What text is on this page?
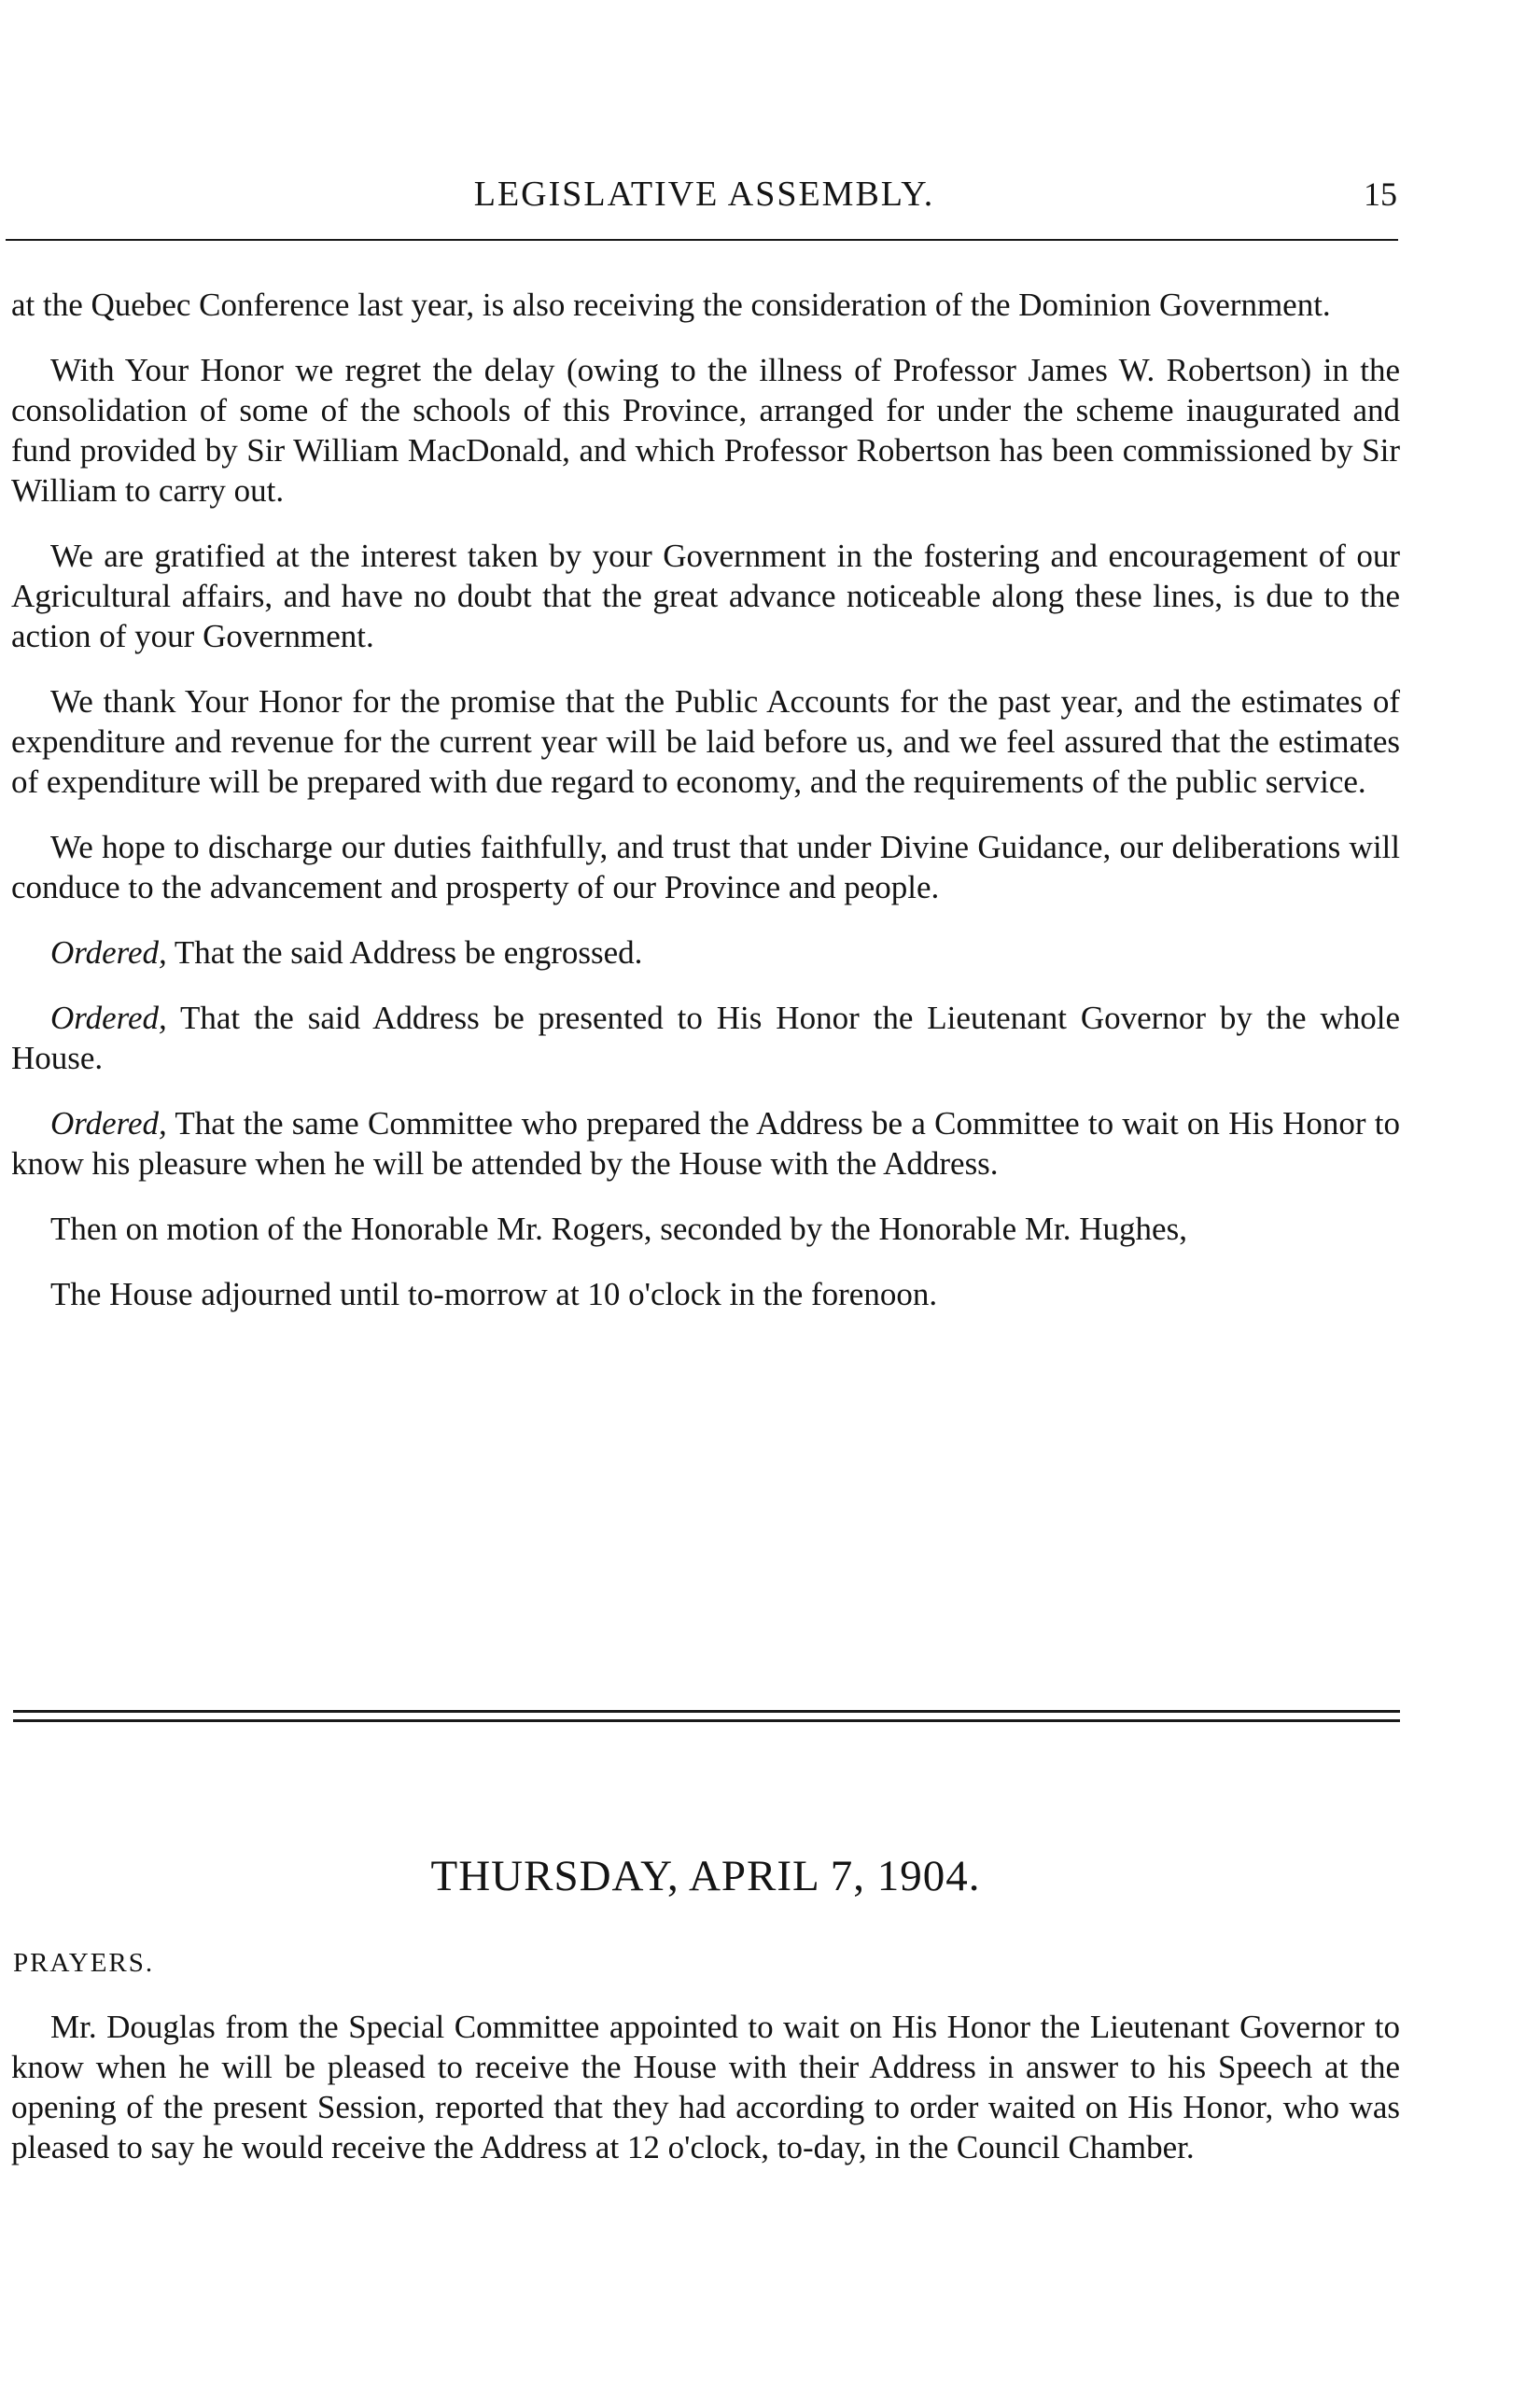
LEGISLATIVE ASSEMBLY.	15

at the Quebec Conference last year, is also receiving the consideration of the Dominion Government.

With Your Honor we regret the delay (owing to the illness of Professor James W. Robertson) in the consolidation of some of the schools of this Province, arranged for under the scheme inaugurated and fund provided by Sir William MacDonald, and which Professor Robertson has been commissioned by Sir William to carry out.

We are gratified at the interest taken by your Government in the fostering and encouragement of our Agricultural affairs, and have no doubt that the great advance noticeable along these lines, is due to the action of your Government.

We thank Your Honor for the promise that the Public Accounts for the past year, and the estimates of expenditure and revenue for the current year will be laid before us, and we feel assured that the estimates of expenditure will be prepared with due regard to economy, and the requirements of the public service.

We hope to discharge our duties faithfully, and trust that under Divine Guidance, our deliberations will conduce to the advancement and prosperty of our Province and people.

Ordered, That the said Address be engrossed.

Ordered, That the said Address be presented to His Honor the Lieutenant Governor by the whole House.

Ordered, That the same Committee who prepared the Address be a Committee to wait on His Honor to know his pleasure when he will be attended by the House with the Address.

Then on motion of the Honorable Mr. Rogers, seconded by the Honorable Mr. Hughes,

The House adjourned until to-morrow at 10 o'clock in the forenoon.

THURSDAY, APRIL 7, 1904.
PRAYERS.

Mr. Douglas from the Special Committee appointed to wait on His Honor the Lieutenant Governor to know when he will be pleased to receive the House with their Address in answer to his Speech at the opening of the present Session, reported that they had according to order waited on His Honor, who was pleased to say he would receive the Address at 12 o'clock, to-day, in the Council Chamber.
